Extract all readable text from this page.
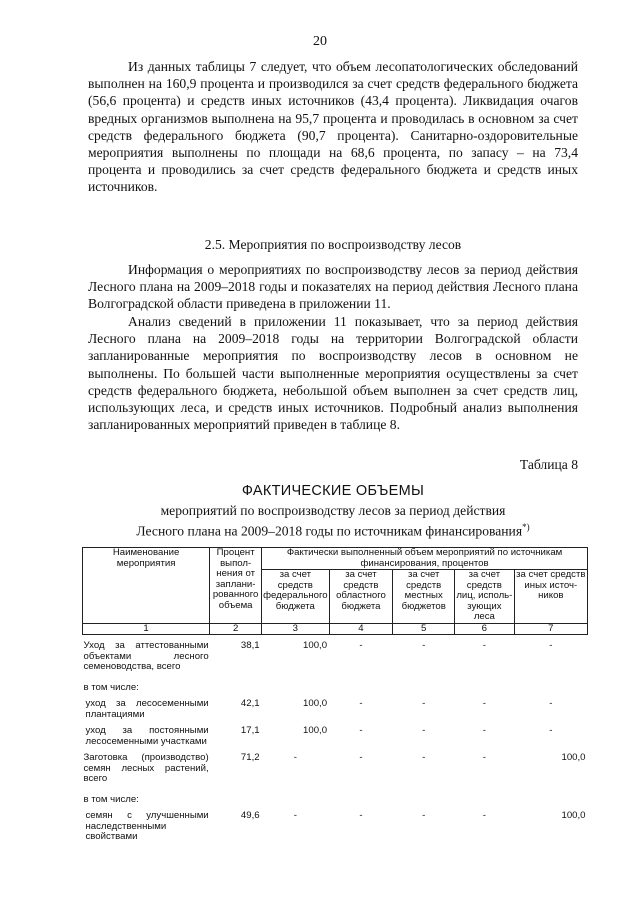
20

Из данных таблицы 7 следует, что объем лесопатологических обследований выполнен на 160,9 процента и производился за счет средств федерального бюджета (56,6 процента) и средств иных источников (43,4 процента). Ликвидация очагов вредных организмов выполнена на 95,7 процента и проводилась в основном за счет средств федерального бюджета (90,7 процента). Санитарно-оздоровительные мероприятия выполнены по площади на 68,6 процента, по запасу – на 73,4 процента и проводились за счет средств федерального бюджета и средств иных источников.

2.5. Мероприятия по воспроизводству лесов

Информация о мероприятиях по воспроизводству лесов за период действия Лесного плана на 2009–2018 годы и показателях на период действия Лесного плана Волгоградской области приведена в приложении 11.

Анализ сведений в приложении 11 показывает, что за период действия Лесного плана на 2009–2018 годы на территории Волгоградской области запланированные мероприятия по воспроизводству лесов в основном не выполнены. По большей части выполненные мероприятия осуществлены за счет средств федерального бюджета, небольшой объем выполнен за счет средств лиц, использующих леса, и средств иных источников. Подробный анализ выполнения запланированных мероприятий приведен в таблице 8.

Таблица 8
ФАКТИЧЕСКИЕ ОБЪЕМЫ
мероприятий по воспроизводству лесов за период действия
Лесного плана на 2009–2018 годы по источникам финансирования*)
Наименование мероприятия	Процент выпол-нения от заплани-рованного объема	Фактически выполненный объем мероприятий по источникам финансирования, процентов				
		за счет средств федерального бюджета	за счет средств областного бюджета	за счет средств местных бюджетов	за счет средств лиц, исполь-зующих леса	за счет средств иных источ-ников
1	2	3	4	5	6	7
Уход за аттестованными объектами лесного семеноводства, всего	38,1	100,0	-	-	-	-
в том числе:						
уход за лесосеменными плантациями	42,1	100,0	-	-	-	-
уход за постоянными лесосеменными участками	17,1	100,0	-	-	-	-
Заготовка (производство) семян лесных растений, всего	71,2	-	-	-	-	100,0
в том числе:						
семян с улучшенными наследственными свойствами	49,6	-	-	-	-	100,0
